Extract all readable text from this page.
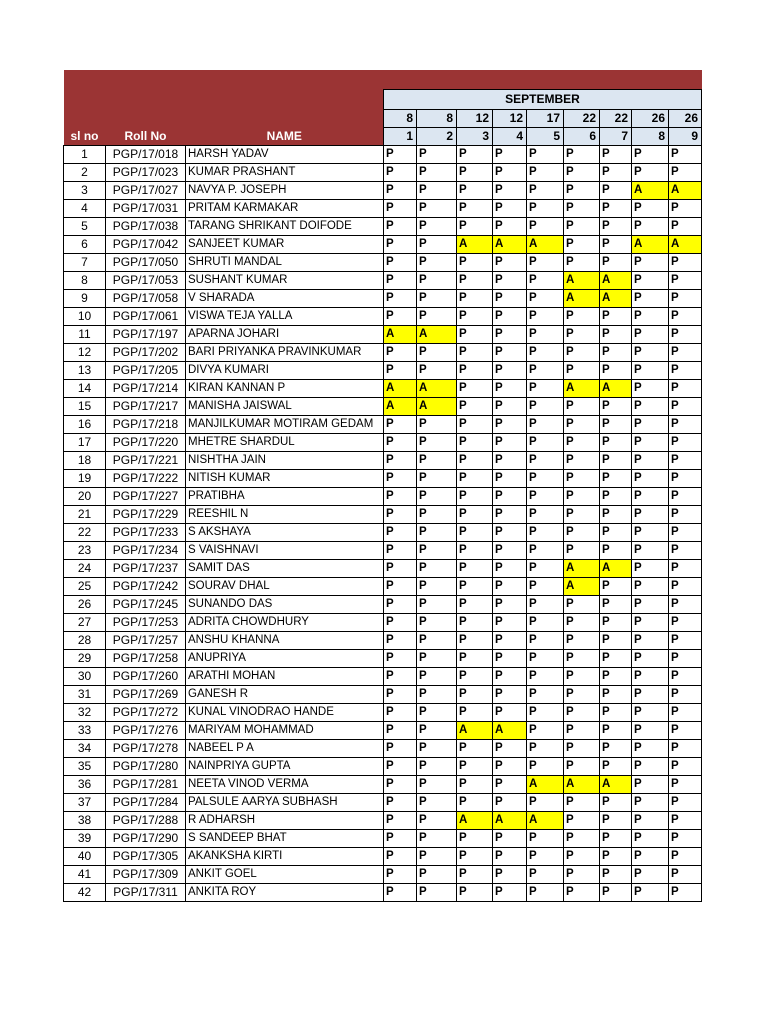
			SEPTEMBER								
			8	8	12	12	17	22	22	26	26
sl no	Roll No	NAME	1	2	3	4	5	6	7	8	9
1	PGP/17/018	HARSH YADAV	P	P	P	P	P	P	P	P	P
2	PGP/17/023	KUMAR PRASHANT	P	P	P	P	P	P	P	P	P
3	PGP/17/027	NAVYA P. JOSEPH	P	P	P	P	P	P	P	A	A
4	PGP/17/031	PRITAM KARMAKAR	P	P	P	P	P	P	P	P	P
5	PGP/17/038	TARANG SHRIKANT DOIFODE	P	P	P	P	P	P	P	P	P
6	PGP/17/042	SANJEET KUMAR	P	P	A	A	A	P	P	A	A
7	PGP/17/050	SHRUTI MANDAL	P	P	P	P	P	P	P	P	P
8	PGP/17/053	SUSHANT KUMAR	P	P	P	P	P	A	A	P	P
9	PGP/17/058	V SHARADA	P	P	P	P	P	A	A	P	P
10	PGP/17/061	VISWA TEJA YALLA	P	P	P	P	P	P	P	P	P
11	PGP/17/197	APARNA JOHARI	A	A	P	P	P	P	P	P	P
12	PGP/17/202	BARI PRIYANKA PRAVINKUMAR	P	P	P	P	P	P	P	P	P
13	PGP/17/205	DIVYA KUMARI	P	P	P	P	P	P	P	P	P
14	PGP/17/214	KIRAN KANNAN P	A	A	P	P	P	A	A	P	P
15	PGP/17/217	MANISHA JAISWAL	A	A	P	P	P	P	P	P	P
16	PGP/17/218	MANJILKUMAR MOTIRAM GEDAM	P	P	P	P	P	P	P	P	P
17	PGP/17/220	MHETRE SHARDUL	P	P	P	P	P	P	P	P	P
18	PGP/17/221	NISHTHA JAIN	P	P	P	P	P	P	P	P	P
19	PGP/17/222	NITISH KUMAR	P	P	P	P	P	P	P	P	P
20	PGP/17/227	PRATIBHA	P	P	P	P	P	P	P	P	P
21	PGP/17/229	REESHIL N	P	P	P	P	P	P	P	P	P
22	PGP/17/233	S AKSHAYA	P	P	P	P	P	P	P	P	P
23	PGP/17/234	S VAISHNAVI	P	P	P	P	P	P	P	P	P
24	PGP/17/237	SAMIT DAS	P	P	P	P	P	A	A	P	P
25	PGP/17/242	SOURAV DHAL	P	P	P	P	P	A	P	P	P
26	PGP/17/245	SUNANDO DAS	P	P	P	P	P	P	P	P	P
27	PGP/17/253	ADRITA CHOWDHURY	P	P	P	P	P	P	P	P	P
28	PGP/17/257	ANSHU KHANNA	P	P	P	P	P	P	P	P	P
29	PGP/17/258	ANUPRIYA	P	P	P	P	P	P	P	P	P
30	PGP/17/260	ARATHI MOHAN	P	P	P	P	P	P	P	P	P
31	PGP/17/269	GANESH R	P	P	P	P	P	P	P	P	P
32	PGP/17/272	KUNAL VINODRAO HANDE	P	P	P	P	P	P	P	P	P
33	PGP/17/276	MARIYAM MOHAMMAD	P	P	A	A	P	P	P	P	P
34	PGP/17/278	NABEEL P A	P	P	P	P	P	P	P	P	P
35	PGP/17/280	NAINPRIYA GUPTA	P	P	P	P	P	P	P	P	P
36	PGP/17/281	NEETA VINOD VERMA	P	P	P	P	A	A	A	P	P
37	PGP/17/284	PALSULE AARYA SUBHASH	P	P	P	P	P	P	P	P	P
38	PGP/17/288	R ADHARSH	P	P	A	A	A	P	P	P	P
39	PGP/17/290	S SANDEEP BHAT	P	P	P	P	P	P	P	P	P
40	PGP/17/305	AKANKSHA KIRTI	P	P	P	P	P	P	P	P	P
41	PGP/17/309	ANKIT GOEL	P	P	P	P	P	P	P	P	P
42	PGP/17/311	ANKITA ROY	P	P	P	P	P	P	P	P	P
